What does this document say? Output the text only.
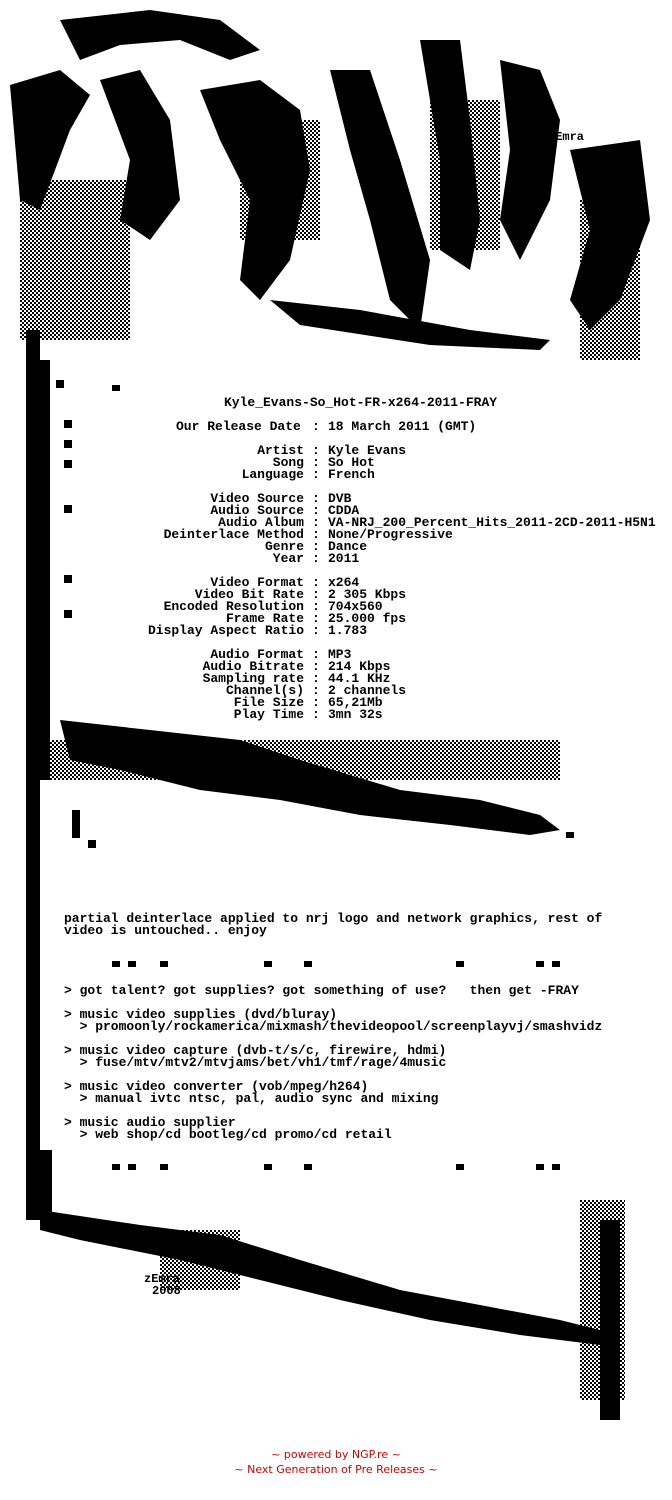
zEmra
Kyle_Evans-So_Hot-FR-x264-2011-FRAY
Our Release Date : 18 March 2011 (GMT)
Artist : Kyle Evans
Song : So Hot
Language : French
Video Source : DVB
Audio Source : CDDA
Audio Album : VA-NRJ_200_Percent_Hits_2011-2CD-2011-H5N1
Deinterlace Method : None/Progressive
Genre : Dance
Year : 2011
Video Format : x264
Video Bit Rate : 2 305 Kbps
Encoded Resolution : 704x560
Frame Rate : 25.000 fps
Display Aspect Ratio : 1.783
Audio Format : MP3
Audio Bitrate : 214 Kbps
Sampling rate : 44.1 KHz
Channel(s) : 2 channels
File Size : 65,21Mb
Play Time : 3mn 32s
partial deinterlace applied to nrj logo and network graphics, rest of
video is untouched.. enjoy
> got talent? got supplies? got something of use?   then get -FRAY
> music video supplies (dvd/bluray)
> promoonly/rockamerica/mixmash/thevideopool/screenplayvj/smashvidz
> music video capture (dvb-t/s/c, firewire, hdmi)
> fuse/mtv/mtv2/mtvjams/bet/vh1/tmf/rage/4music
> music video converter (vob/mpeg/h264)
> manual ivtc ntsc, pal, audio sync and mixing
> music audio supplier
> web shop/cd bootleg/cd promo/cd retail
zEmra
2008
~ powered by NGP.re ~
~ Next Generation of Pre Releases ~
